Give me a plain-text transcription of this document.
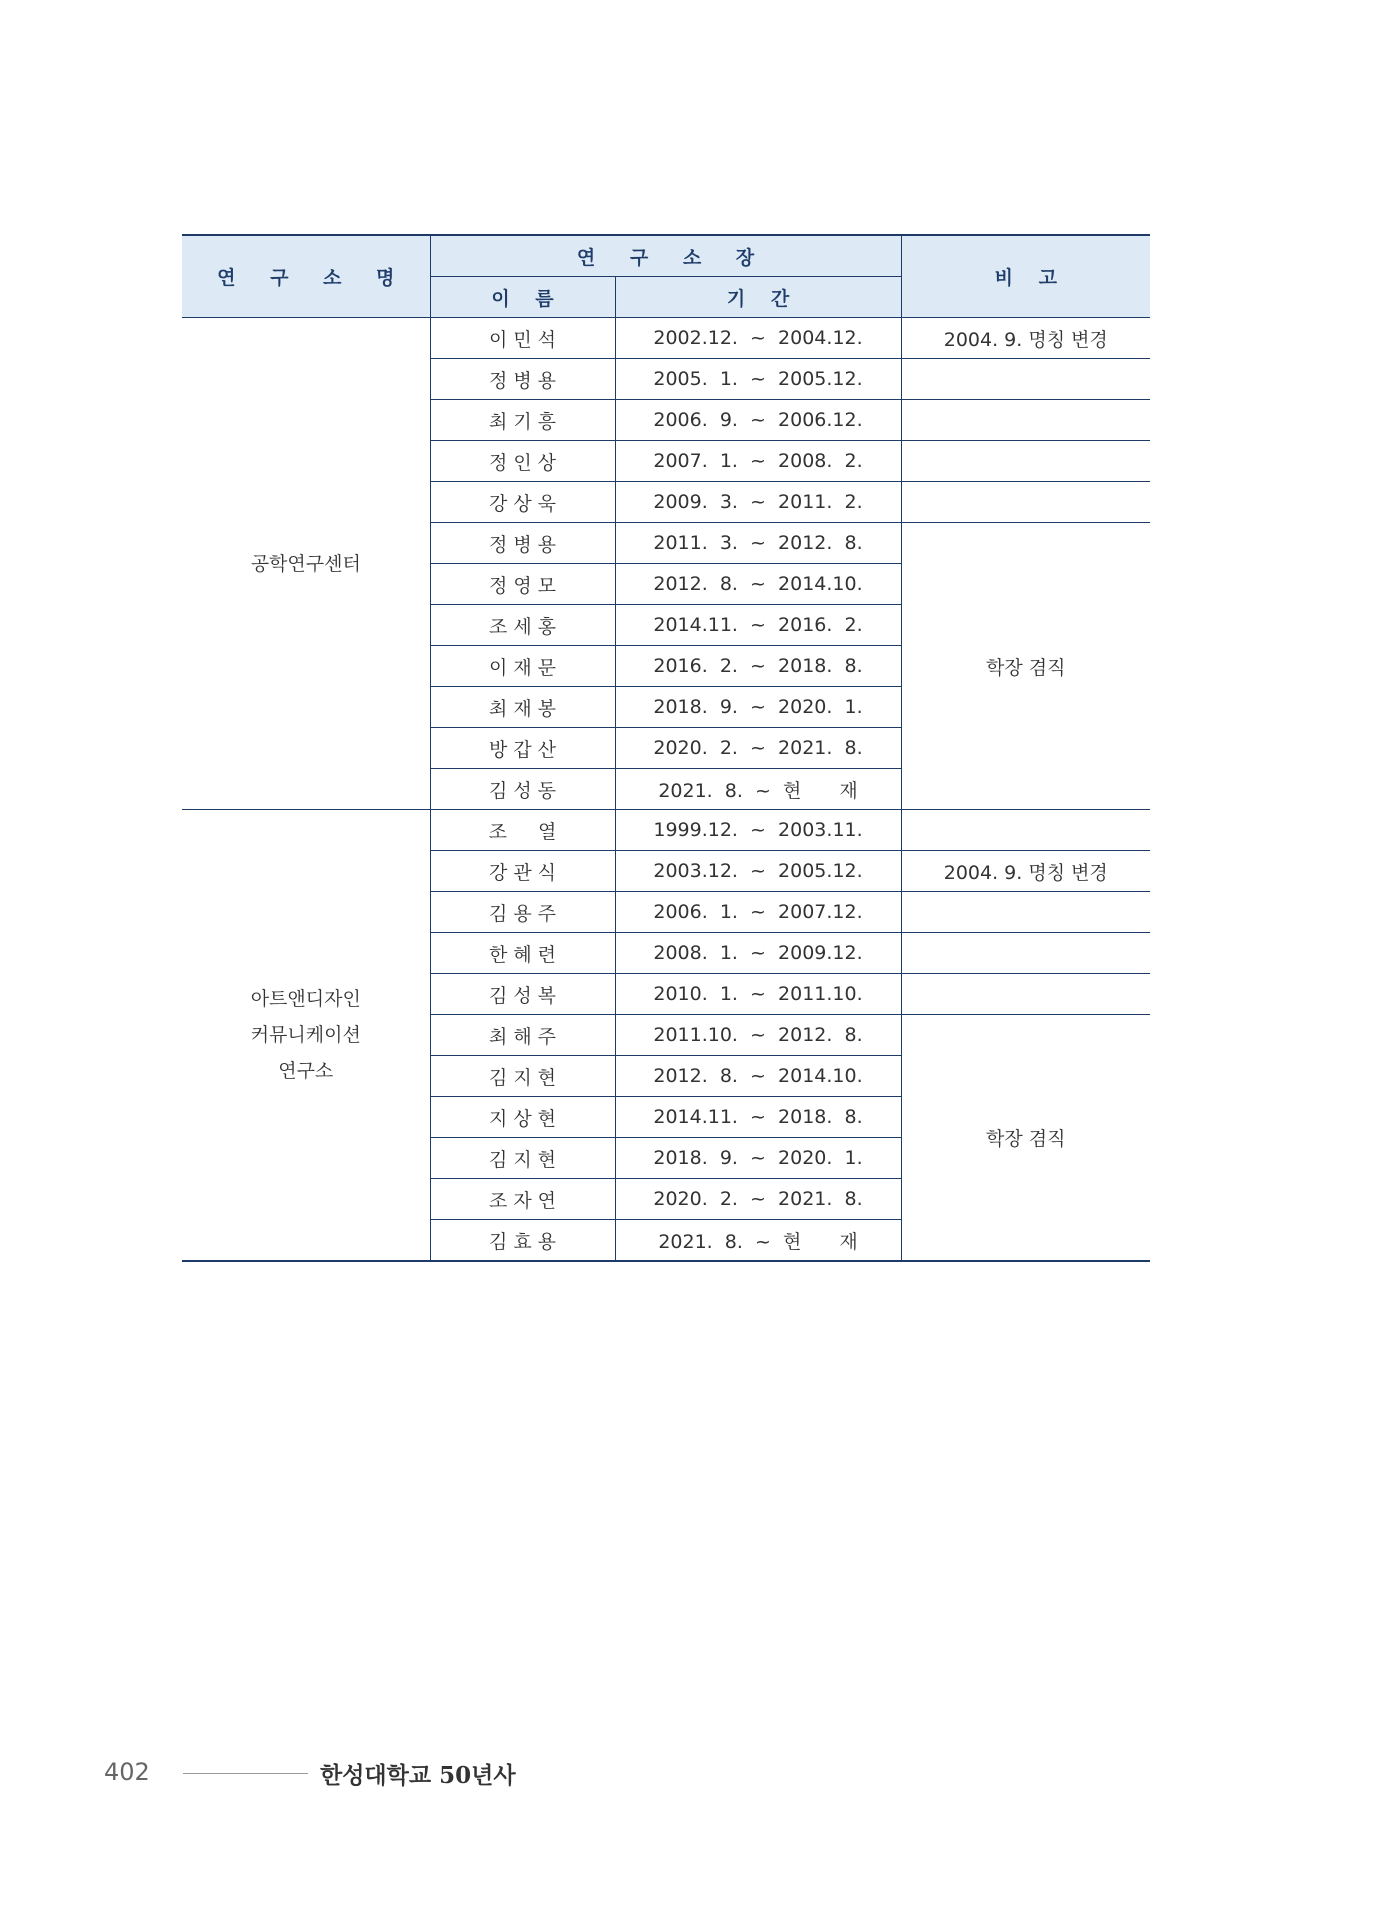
연 구 소 명	연 구 소 장		비　 고
	이　 름	기　 간	

공학연구센터	이민석	2002.12.  ~  2004.12.	2004. 9. 명칭 변경
	정병용	2005.  1.  ~  2005.12.	
	최기흥	2006.  9.  ~  2006.12.	
	정인상	2007.  1.  ~  2008.  2.	
	강상욱	2009.  3.  ~  2011.  2.	
	정병용	2011.  3.  ~  2012.  8.	학장 겸직
	정영모	2012.  8.  ~  2014.10.	
	조세홍	2014.11.  ~  2016.  2.	
	이재문	2016.  2.  ~  2018.  8.	
	최재봉	2018.  9.  ~  2020.  1.	
	방갑산	2020.  2.  ~  2021.  8.	
	김성동	2021.  8.  ~  현　　재	

아트앤디자인
커뮤니케이션
연구소	조　열	1999.12.  ~  2003.11.	
	강관식	2003.12.  ~  2005.12.	2004. 9. 명칭 변경
	김용주	2006.  1.  ~  2007.12.	
	한혜련	2008.  1.  ~  2009.12.	
	김성복	2010.  1.  ~  2011.10.	
	최해주	2011.10.  ~  2012.  8.	학장 겸직
	김지현	2012.  8.  ~  2014.10.	
	지상현	2014.11.  ~  2018.  8.	
	김지현	2018.  9.  ~  2020.  1.	
	조자연	2020.  2.  ~  2021.  8.	
	김효용	2021.  8.  ~  현　　재	
402	한성대학교 50년사
